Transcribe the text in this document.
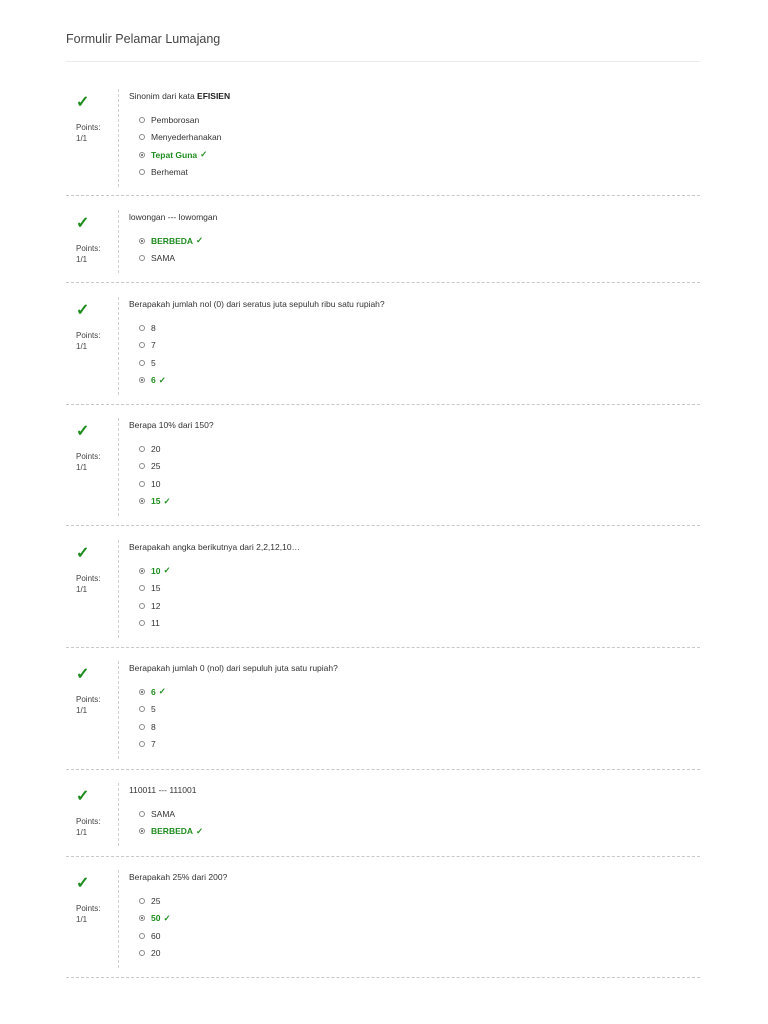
Formulir Pelamar Lumajang
✓
Points:
1/1
Sinonim dari kata EFISIEN
Pemborosan
Menyederhanakan
Tepat Guna ✓
Berhemat
✓
Points:
1/1
lowongan --- lowomgan
BERBEDA ✓
SAMA
✓
Points:
1/1
Berapakah jumlah nol (0) dari seratus juta sepuluh ribu satu rupiah?
8
7
5
6 ✓
✓
Points:
1/1
Berapa 10% dari 150?
20
25
10
15 ✓
✓
Points:
1/1
Berapakah angka berikutnya dari 2,2,12,10…
10 ✓
15
12
11
✓
Points:
1/1
Berapakah jumlah 0 (nol) dari sepuluh juta satu rupiah?
6 ✓
5
8
7
✓
Points:
1/1
110011 --- 111001
SAMA
BERBEDA ✓
✓
Points:
1/1
Berapakah 25% dari 200?
25
50 ✓
60
20
